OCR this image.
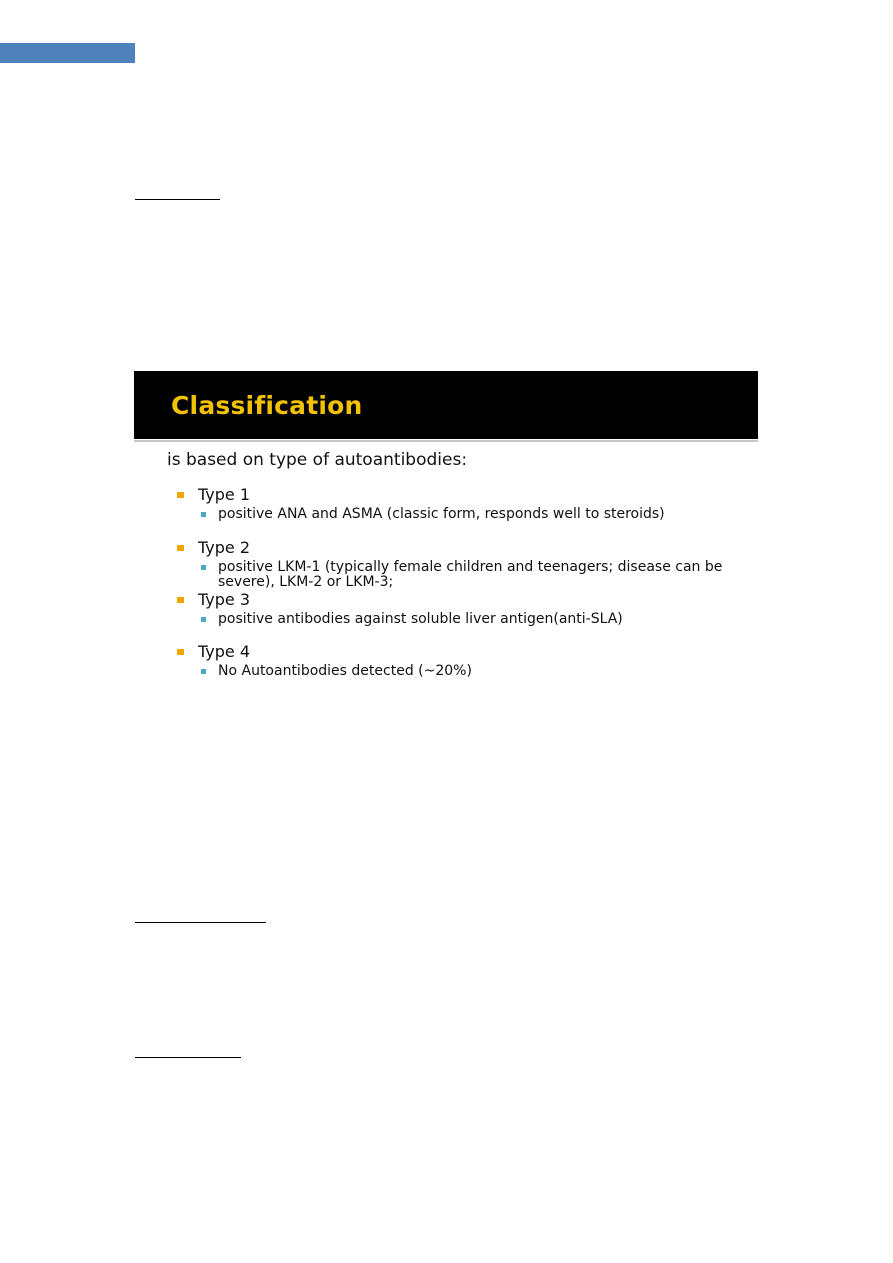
Classification
is based on type of autoantibodies:
Type 1
positive ANA and ASMA (classic form, responds well to steroids)
Type 2
positive LKM-1 (typically female children and teenagers; disease can be severe), LKM-2 or LKM-3;
Type 3
positive antibodies against soluble liver antigen(anti-SLA)
Type 4
No Autoantibodies detected (~20%)
